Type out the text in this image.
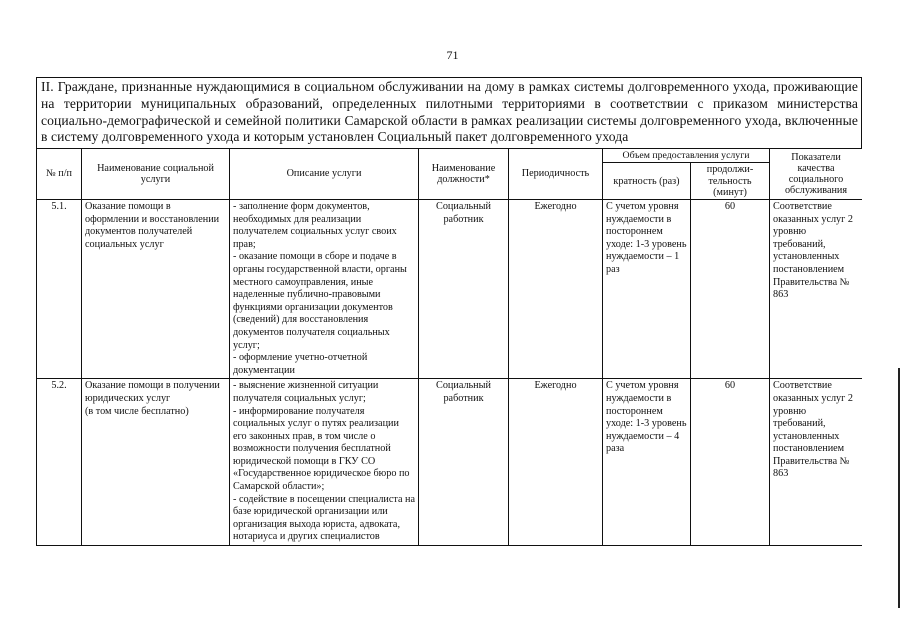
71
II. Граждане, признанные нуждающимися в социальном обслуживании на дому в рамках системы долговременного ухода, проживающие на территории муниципальных образований, определенных пилотными территориями в соответствии с приказом министерства социально-демографической и семейной политики Самарской области в рамках реализации системы долговременного ухода, включенные в систему долговременного ухода и которым установлен Социальный пакет долговременного ухода
№ п/п	Наименование социальной услуги	Описание услуги	Наименование должности*	Периодичность	Объем предоставления услуги		Показатели качества социального обслуживания
					кратность (раз)	продолжи-тельность (минут)	
5.1.	Оказание помощи в оформлении и восстановлении документов получателей социальных услуг	- заполнение форм документов, необходимых для реализации получателем социальных услуг своих прав;
- оказание помощи в сборе и подаче в органы государственной власти, органы местного самоуправления, иные наделенные публично-правовыми функциями организации документов (сведений) для восстановления документов получателя социальных услуг;
- оформление учетно-отчетной документации	Социальный работник	Ежегодно	С учетом уровня нуждаемости в постороннем уходе: 1-3 уровень нуждаемости – 1 раз	60	Соответствие оказанных услуг 2 уровню требований, установленных постановлением Правительства № 863
5.2.	Оказание помощи в получении юридических услуг
(в том числе бесплатно)	- выяснение жизненной ситуации получателя социальных услуг;
- информирование получателя социальных услуг о путях реализации его законных прав, в том числе о возможности получения бесплатной юридической помощи в ГКУ СО «Государственное юридическое бюро по Самарской области»;
- содействие в посещении специалиста на базе юридической организации или организация выхода юриста, адвоката, нотариуса и других специалистов	Социальный работник	Ежегодно	С учетом уровня нуждаемости в постороннем уходе: 1-3 уровень нуждаемости – 4 раза	60	Соответствие оказанных услуг 2 уровню требований, установленных постановлением Правительства № 863
